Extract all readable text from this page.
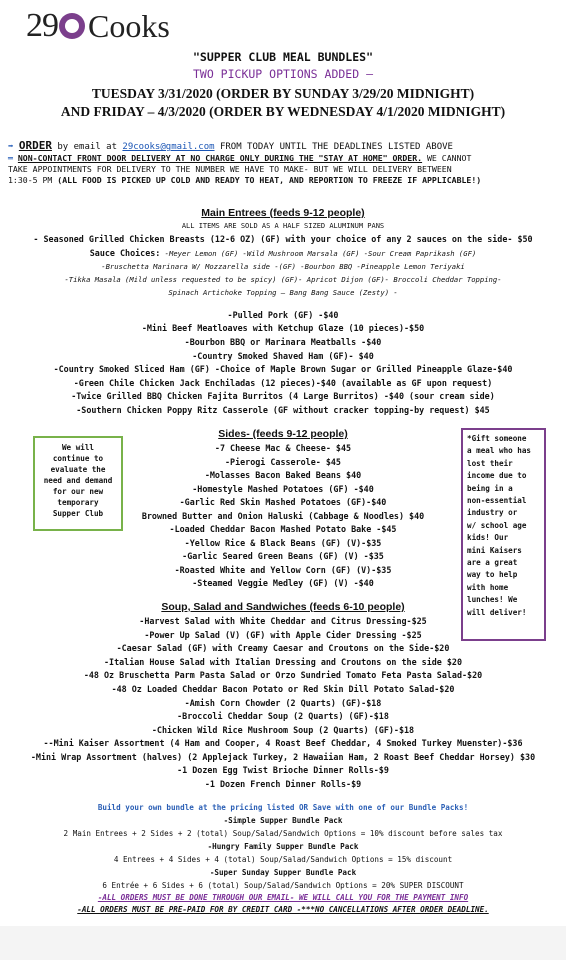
29 Cooks
"SUPPER CLUB MEAL BUNDLES"
TWO PICKUP OPTIONS ADDED –
TUESDAY 3/31/2020 (ORDER BY SUNDAY 3/29/20 MIDNIGHT)
AND FRIDAY – 4/3/2020 (ORDER BY WEDNESDAY 4/1/2020 MIDNIGHT)
➡ ORDER by email at 29cooks@gmail.com FROM TODAY UNTIL THE DEADLINES LISTED ABOVE
═ NON-CONTACT FRONT DOOR DELIVERY AT NO CHARGE ONLY DURING THE "STAY AT HOME" ORDER. WE CANNOT
TAKE APPOINTMENTS FOR DELIVERY TO THE NUMBER WE HAVE TO MAKE- BUT WE WILL DELIVERY BETWEEN
1:30-5 PM (ALL FOOD IS PICKED UP COLD AND READY TO HEAT, AND REPORTION TO FREEZE IF APPLICABLE!)
Main Entrees (feeds 9-12 people)
ALL ITEMS ARE SOLD AS A HALF SIZED ALUMINUM PANS
- Seasoned Grilled Chicken Breasts (12-6 OZ) (GF) with your choice of any 2 sauces on the side- $50
Sauce Choices: -Meyer Lemon (GF) -Wild Mushroom Marsala (GF) -Sour Cream Paprikash (GF)
-Bruschetta Marinara W/ Mozzarella side -(GF) -Bourbon BBQ -Pineapple Lemon Teriyaki
-Tikka Masala (Mild unless requested to be spicy) (GF)- Apricot Dijon (GF)- Broccoli Cheddar Topping-
Spinach Artichoke Topping – Bang Bang Sauce (Zesty) -
-Pulled Pork (GF) -$40
-Mini Beef Meatloaves with Ketchup Glaze (10 pieces)-$50
-Bourbon BBQ or Marinara Meatballs -$40
-Country Smoked Shaved Ham (GF)- $40
-Country Smoked Sliced Ham (GF) -Choice of Maple Brown Sugar or Grilled Pineapple Glaze-$40
-Green Chile Chicken Jack Enchiladas (12 pieces)-$40 (available as GF upon request)
-Twice Grilled BBQ Chicken Fajita Burritos (4 Large Burritos) -$40 (sour cream side)
-Southern Chicken Poppy Ritz Casserole (GF without cracker topping-by request) $45
Sides- (feeds 9-12 people)
-7 Cheese Mac & Cheese- $45
-Pierogi Casserole- $45
-Molasses Bacon Baked Beans $40
-Homestyle Mashed Potatoes (GF) -$40
-Garlic Red Skin Mashed Potatoes (GF)-$40
Browned Butter and Onion Haluski (Cabbage & Noodles) $40
-Loaded Cheddar Bacon Mashed Potato Bake -$45
-Yellow Rice & Black Beans (GF) (V)-$35
-Garlic Seared Green Beans (GF) (V) -$35
-Roasted White and Yellow Corn (GF) (V)-$35
-Steamed Veggie Medley (GF) (V) -$40
Soup, Salad and Sandwiches (feeds 6-10 people)
-Harvest Salad with White Cheddar and Citrus Dressing-$25
-Power Up Salad (V) (GF) with Apple Cider Dressing -$25
-Caesar Salad (GF) with Creamy Caesar and Croutons on the Side-$20
-Italian House Salad with Italian Dressing and Croutons on the side $20
-48 Oz Bruschetta Parm Pasta Salad or Orzo Sundried Tomato Feta Pasta Salad-$20
-48 Oz Loaded Cheddar Bacon Potato or Red Skin Dill Potato Salad-$20
-Amish Corn Chowder (2 Quarts) (GF)-$18
-Broccoli Cheddar Soup (2 Quarts) (GF)-$18
-Chicken Wild Rice Mushroom Soup (2 Quarts) (GF)-$18
--Mini Kaiser Assortment (4 Ham and Cooper, 4 Roast Beef Cheddar, 4 Smoked Turkey Muenster)-$36
-Mini Wrap Assortment (halves) (2 Applejack Turkey, 2 Hawaiian Ham, 2 Roast Beef Cheddar Horsey) $30
-1 Dozen Egg Twist Brioche Dinner Rolls-$9
-1 Dozen French Dinner Rolls-$9
Build your own bundle at the pricing listed OR Save with one of our Bundle Packs!
-Simple Supper Bundle Pack
2 Main Entrees + 2 Sides + 2 (total) Soup/Salad/Sandwich Options = 10% discount before sales tax
-Hungry Family Supper Bundle Pack
4 Entrees + 4 Sides + 4 (total) Soup/Salad/Sandwich Options = 15% discount
-Super Sunday Supper Bundle Pack
6 Entrée + 6 Sides + 6 (total) Soup/Salad/Sandwich Options = 20% SUPER DISCOUNT
-ALL ORDERS MUST BE DONE THROUGH OUR EMAIL- WE WILL CALL YOU FOR THE PAYMENT INFO
-ALL ORDERS MUST BE PRE-PAID FOR BY CREDIT CARD -***NO CANCELLATIONS AFTER ORDER DEADLINE.
We will
continue to
evaluate the
need and demand
for our new
temporary
Supper Club
*Gift someone
a meal who has
lost their
income due to
being in a
non-essential
industry or
w/ school age
kids! Our
mini Kaisers
are a great
way to help
with home
lunches! We
will deliver!
